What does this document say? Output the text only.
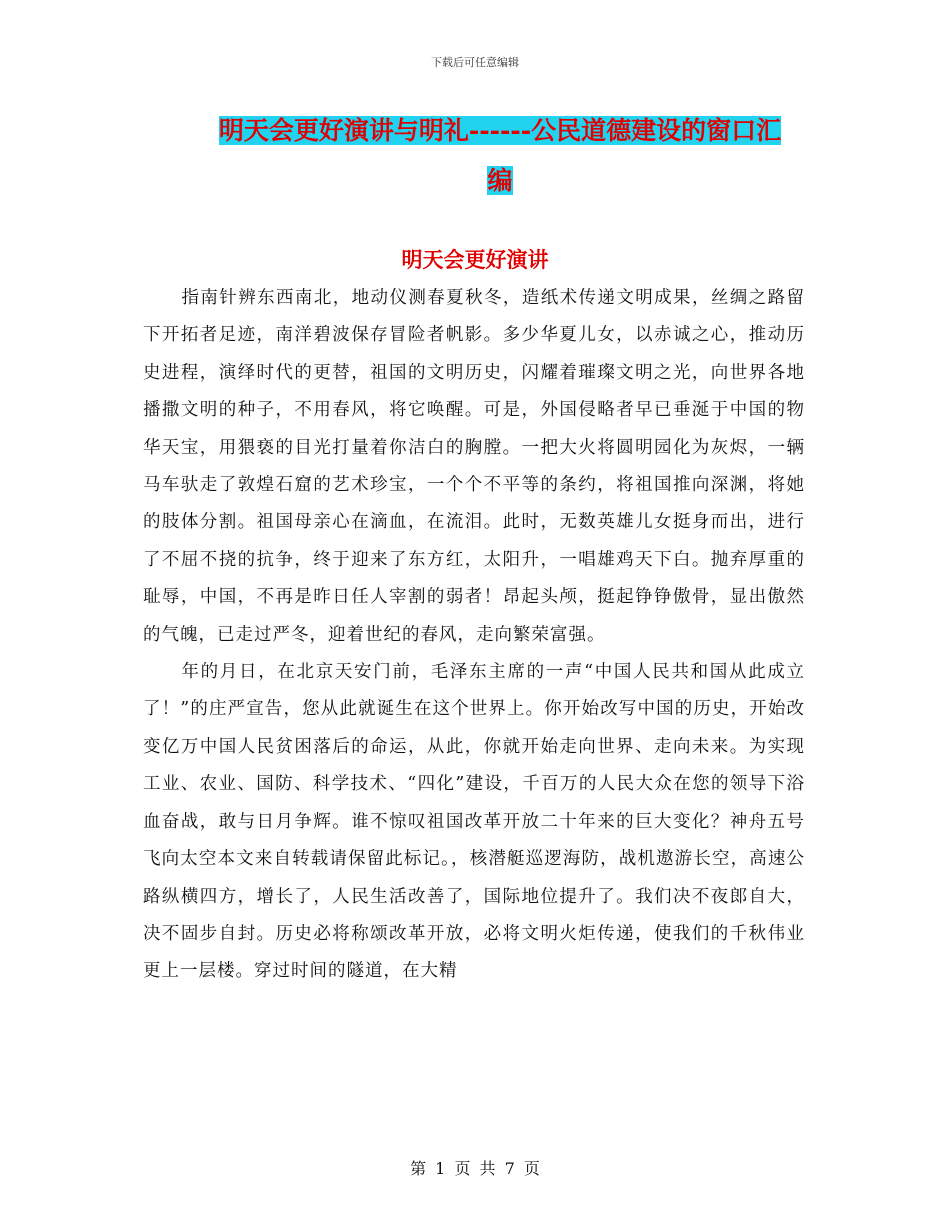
下载后可任意编辑
明天会更好演讲与明礼------公民道德建设的窗口汇
编
明天会更好演讲

指南针辨东西南北，地动仪测春夏秋冬，造纸术传递文明成果，丝绸之路留下开拓者足迹，南洋碧波保存冒险者帆影。多少华夏儿女，以赤诚之心，推动历史进程，演绎时代的更替，祖国的文明历史，闪耀着璀璨文明之光，向世界各地播撒文明的种子，不用春风，将它唤醒。可是，外国侵略者早已垂涎于中国的物华天宝，用猥亵的目光打量着你洁白的胸膛。一把大火将圆明园化为灰烬，一辆马车驮走了敦煌石窟的艺术珍宝，一个个不平等的条约，将祖国推向深渊，将她的肢体分割。祖国母亲心在滴血，在流泪。此时，无数英雄儿女挺身而出，进行了不屈不挠的抗争，终于迎来了东方红，太阳升，一唱雄鸡天下白。抛弃厚重的耻辱，中国，不再是昨日任人宰割的弱者！昂起头颅，挺起铮铮傲骨，显出傲然的气魄，已走过严冬，迎着世纪的春风，走向繁荣富强。

年的月日，在北京天安门前，毛泽东主席的一声“中国人民共和国从此成立了！”的庄严宣告，您从此就诞生在这个世界上。你开始改写中国的历史，开始改变亿万中国人民贫困落后的命运，从此，你就开始走向世界、走向未来。为实现工业、农业、国防、科学技术、“四化”建设，千百万的人民大众在您的领导下浴血奋战，敢与日月争辉。谁不惊叹祖国改革开放二十年来的巨大变化？神舟五号飞向太空本文来自转载请保留此标记。，核潜艇巡逻海防，战机遨游长空，高速公路纵横四方，增长了，人民生活改善了，国际地位提升了。我们决不夜郎自大，决不固步自封。历史必将称颂改革开放，必将文明火炬传递，使我们的千秋伟业更上一层楼。穿过时间的隧道，在大精

第 1 页 共 7 页
